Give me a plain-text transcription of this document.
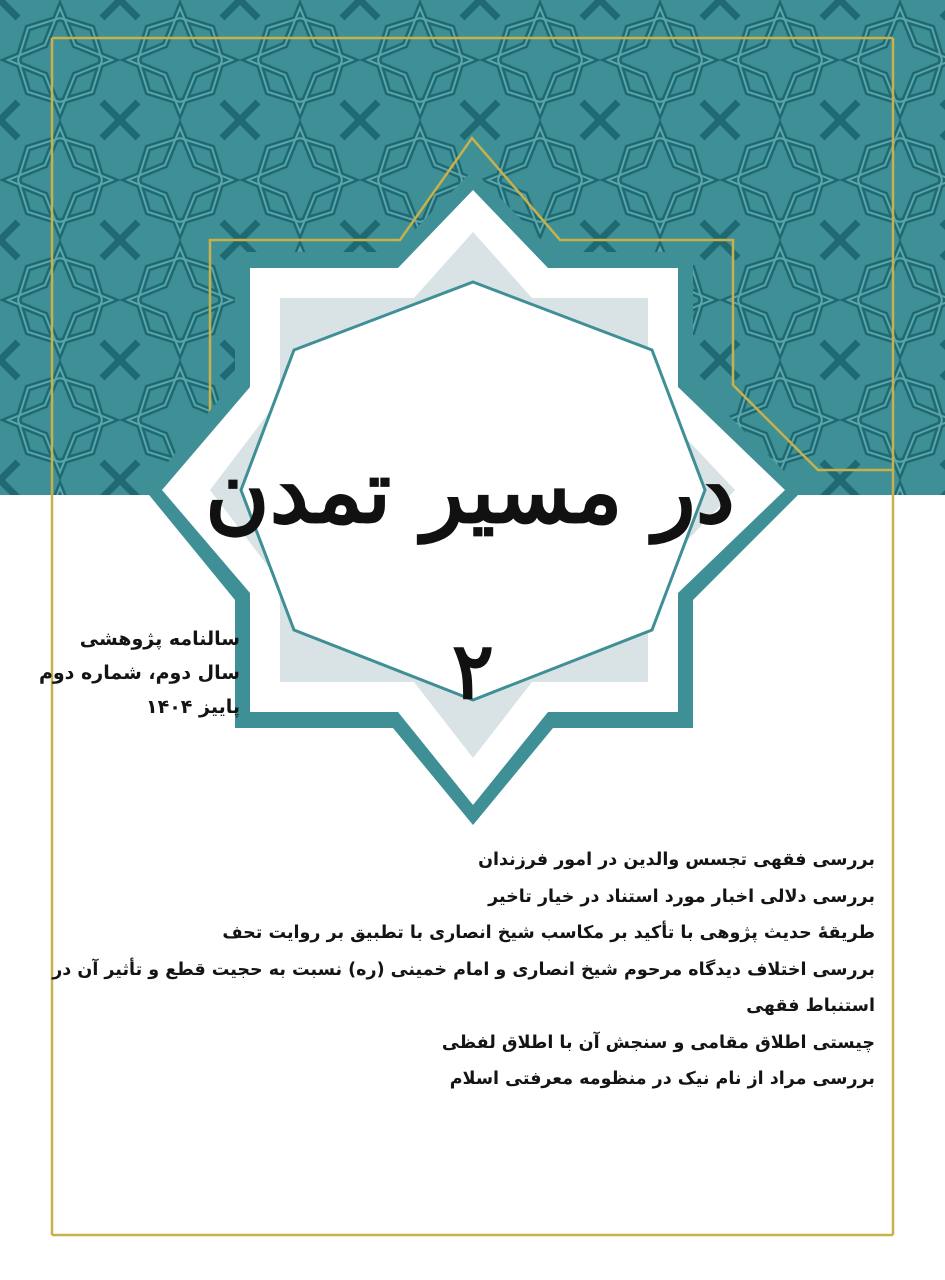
در مسیر تمدن
۲
سالنامه پژوهشی
سال دوم، شماره دوم
پاییز ۱۴۰۴
بررسی فقهی تجسس والدین در امور فرزندان
بررسی دلالی اخبار مورد استناد در خیار تاخیر
طریقهٔ حدیث پژوهی با تأکید بر مکاسب شیخ انصاری با تطبیق بر روایت تحف
بررسی اختلاف دیدگاه مرحوم شیخ انصاری و امام خمینی (ره) نسبت به حجیت قطع و تأثیر آن در
استنباط فقهی
چیستی اطلاق مقامی و سنجش آن با اطلاق لفظی
بررسی مراد از نام نیک در منظومه معرفتی اسلام
